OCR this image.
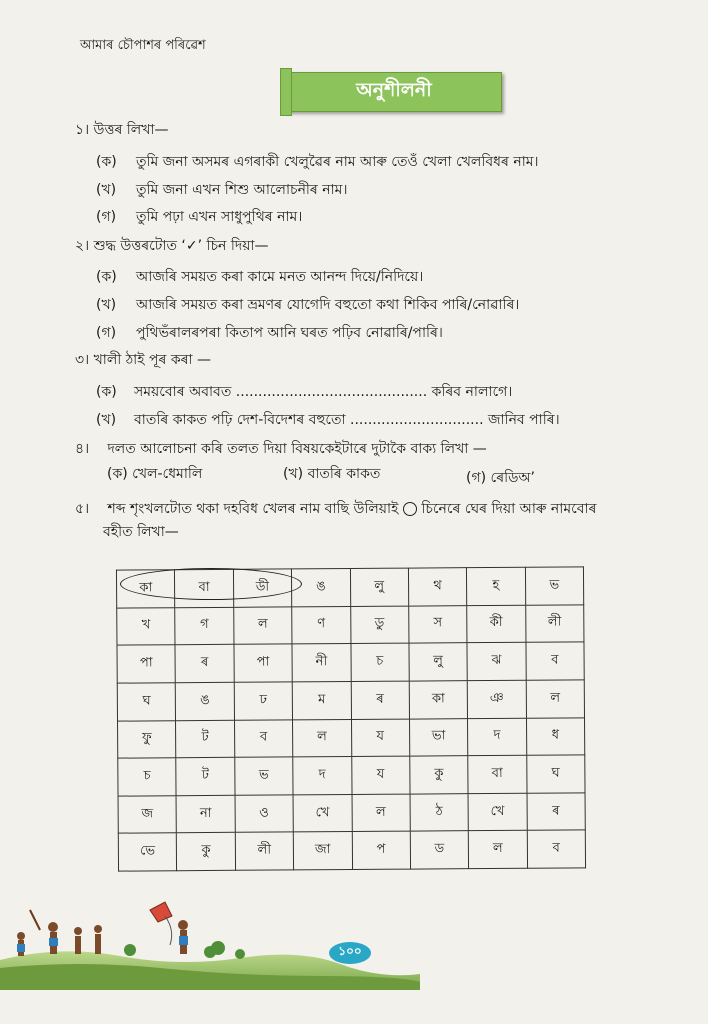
আমাৰ চৌপাশৰ পৰিৱেশ
অনুশীলনী
১। উত্তৰ লিখা—
(ক) তুমি জনা অসমৰ এগৰাকী খেলুৱৈৰ নাম আৰু তেওঁ খেলা খেলবিধৰ নাম।
(খ) তুমি জনা এখন শিশু আলোচনীৰ নাম।
(গ) তুমি পঢ়া এখন সাধুপুথিৰ নাম।
২। শুদ্ধ উত্তৰটোত ‘✓’ চিন দিয়া—
(ক) আজৰি সময়ত কৰা কামে মনত আনন্দ দিয়ে/নিদিয়ে।
(খ) আজৰি সময়ত কৰা ভ্ৰমণৰ যোগেদি বহুতো কথা শিকিব পাৰি/নোৱাৰি।
(গ) পুথিভঁৰালৰপৰা কিতাপ আনি ঘৰত পঢ়িব নোৱাৰি/পাৰি।
৩। খালী ঠাই পূৰ কৰা —
(ক) সময়বোৰ অবাবত ........................................... কৰিব নালাগে।
(খ) বাতৰি কাকত পঢ়ি দেশ-বিদেশৰ বহুতো .............................. জানিব পাৰি।
৪। দলত আলোচনা কৰি তলত দিয়া বিষয়কেইটাৰে দুটাকৈ বাক্য লিখা —
(ক) খেল-ধেমালি	(খ) বাতৰি কাকত	(গ) ৰেডিঅ’
৫। শব্দ শৃংখলটোত থকা দহবিধ খেলৰ নাম বাছি উলিয়াই চিনেৰে ঘেৰ দিয়া আৰু নামবোৰ
বহীত লিখা—
কা	বা	ডী	ঙ	লু	থ	হ	ভ
খ	গ	ল	ণ	ডু	স	কী	লী
পা	ৰ	পা	নী	চ	লু	ঝ	ব
ঘ	ঙ	ঢ	ম	ৰ	কা	ঞ	ল
ফু	ট	ব	ল	য	ভা	দ	ধ
চ	ট	ভ	দ	য	কু	বা	ঘ
জ	না	ও	খে	ল	ঠ	খে	ৰ
ভে	কু	লী	জা	প	ড	ল	ব
১০০
